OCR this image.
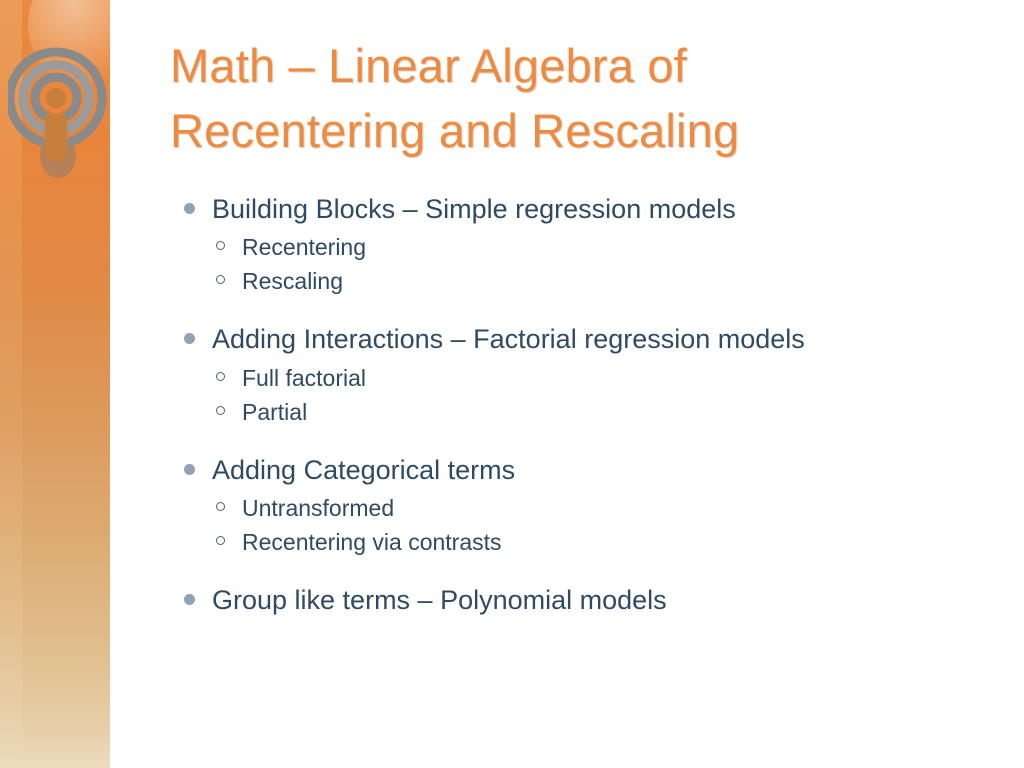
Math – Linear Algebra of
Recentering and Rescaling
Building Blocks – Simple regression models
Recentering
Rescaling
Adding Interactions – Factorial regression models
Full factorial
Partial
Adding Categorical terms
Untransformed
Recentering via contrasts
Group like terms – Polynomial models
